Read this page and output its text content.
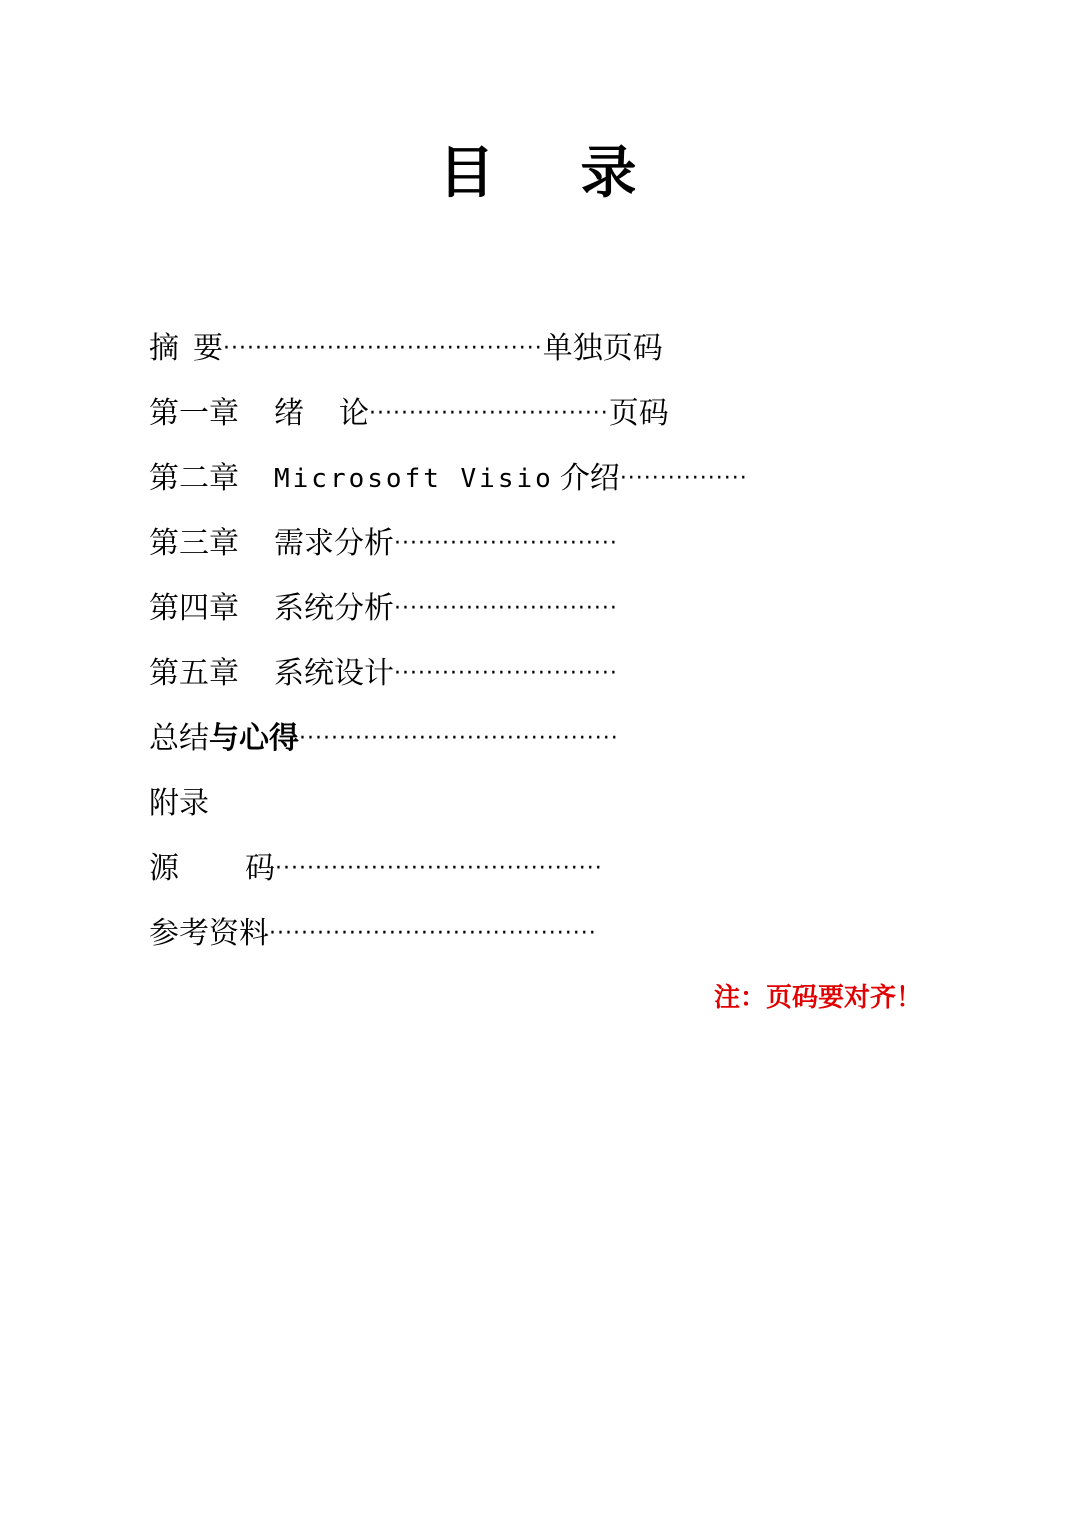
目 录
摘 要········································单独页码
第一章 绪 论······························页码
第二章 Microsoft Visio 介绍················
第三章 需求分析····························
第四章 系统分析····························
第五章 系统设计····························
总结与心得········································
附录
源 码·········································
参考资料·········································
注：页码要对齐！
